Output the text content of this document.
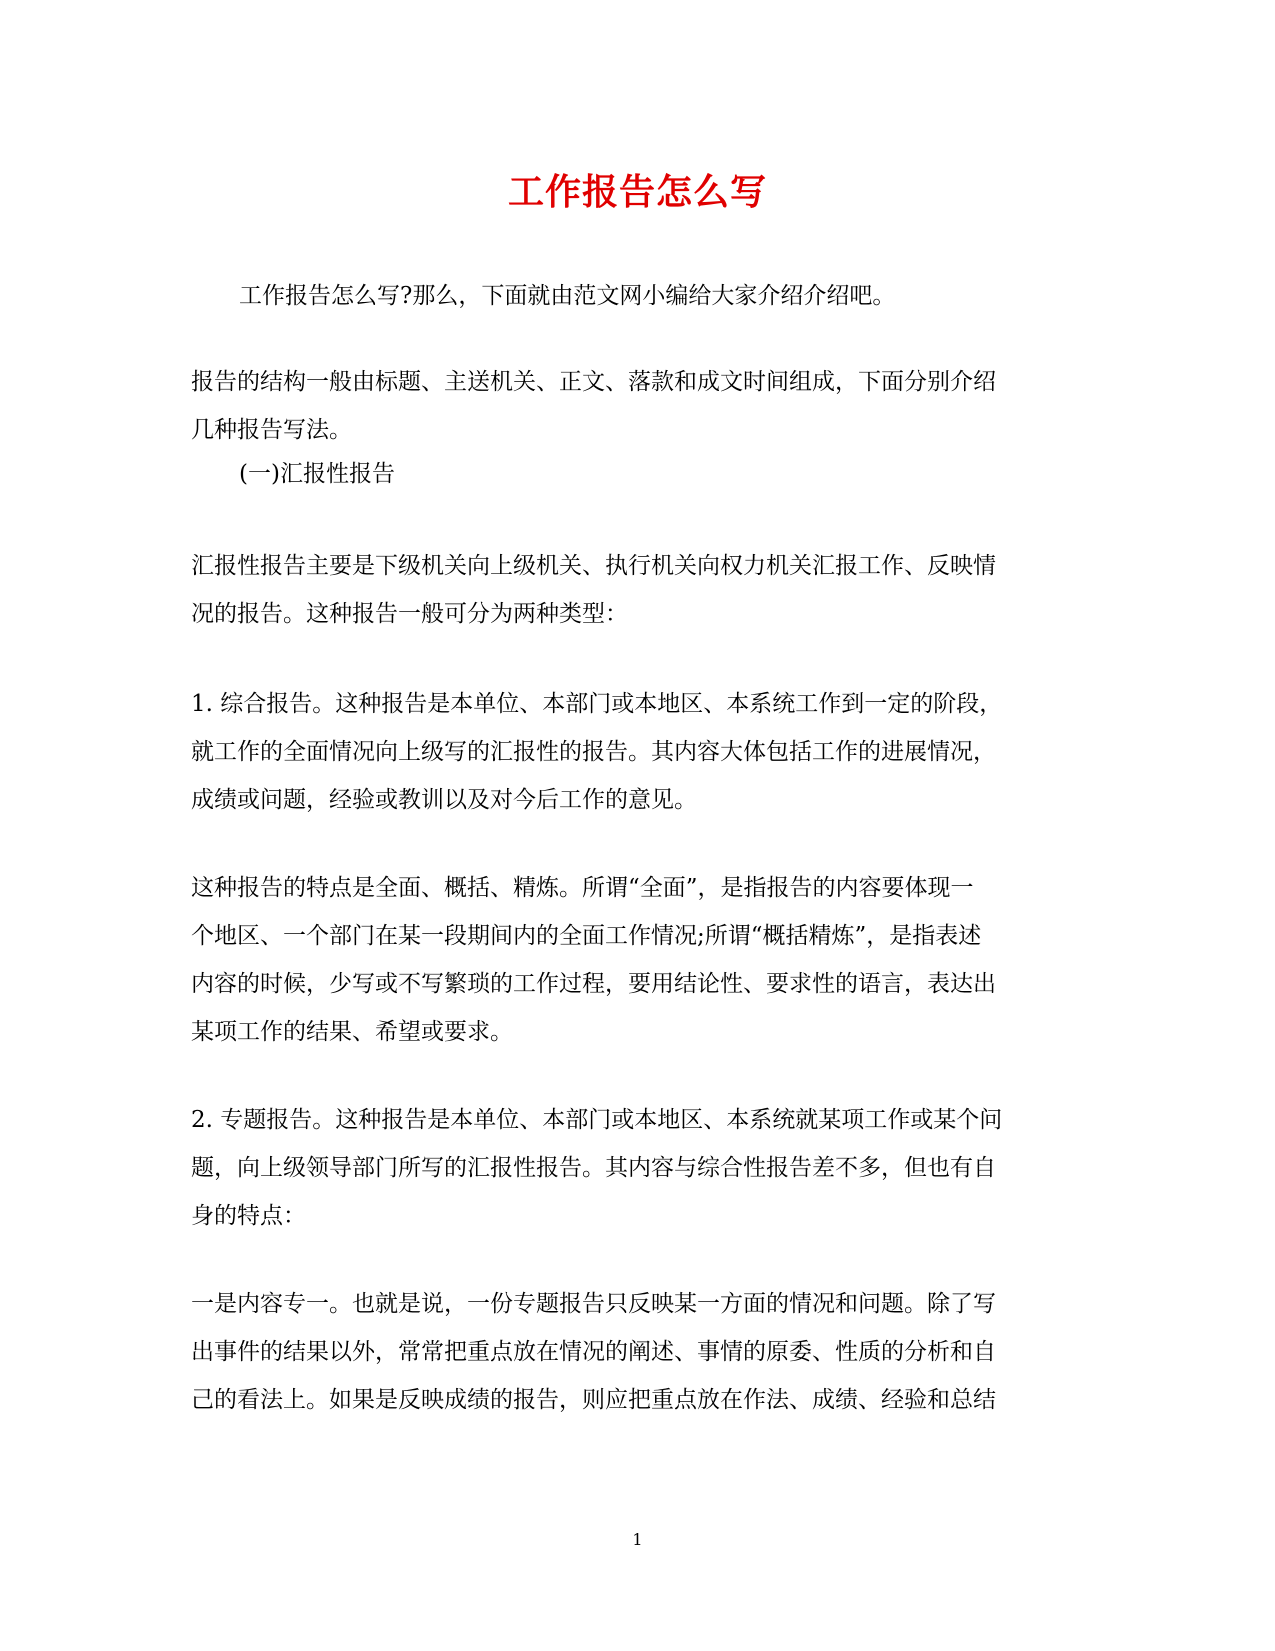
工作报告怎么写

工作报告怎么写?那么，下面就由范文网小编给大家介绍介绍吧。

报告的结构一般由标题、主送机关、正文、落款和成文时间组成，下面分别介绍
几种报告写法。

(一)汇报性报告

汇报性报告主要是下级机关向上级机关、执行机关向权力机关汇报工作、反映情
况的报告。这种报告一般可分为两种类型：

1. 综合报告。这种报告是本单位、本部门或本地区、本系统工作到一定的阶段，
就工作的全面情况向上级写的汇报性的报告。其内容大体包括工作的进展情况，
成绩或问题，经验或教训以及对今后工作的意见。

这种报告的特点是全面、概括、精炼。所谓“全面”，是指报告的内容要体现一
个地区、一个部门在某一段期间内的全面工作情况;所谓“概括精炼”，是指表述
内容的时候，少写或不写繁琐的工作过程，要用结论性、要求性的语言，表达出
某项工作的结果、希望或要求。

2. 专题报告。这种报告是本单位、本部门或本地区、本系统就某项工作或某个问
题，向上级领导部门所写的汇报性报告。其内容与综合性报告差不多，但也有自
身的特点：

一是内容专一。也就是说，一份专题报告只反映某一方面的情况和问题。除了写
出事件的结果以外，常常把重点放在情况的阐述、事情的原委、性质的分析和自
己的看法上。如果是反映成绩的报告，则应把重点放在作法、成绩、经验和总结

1
